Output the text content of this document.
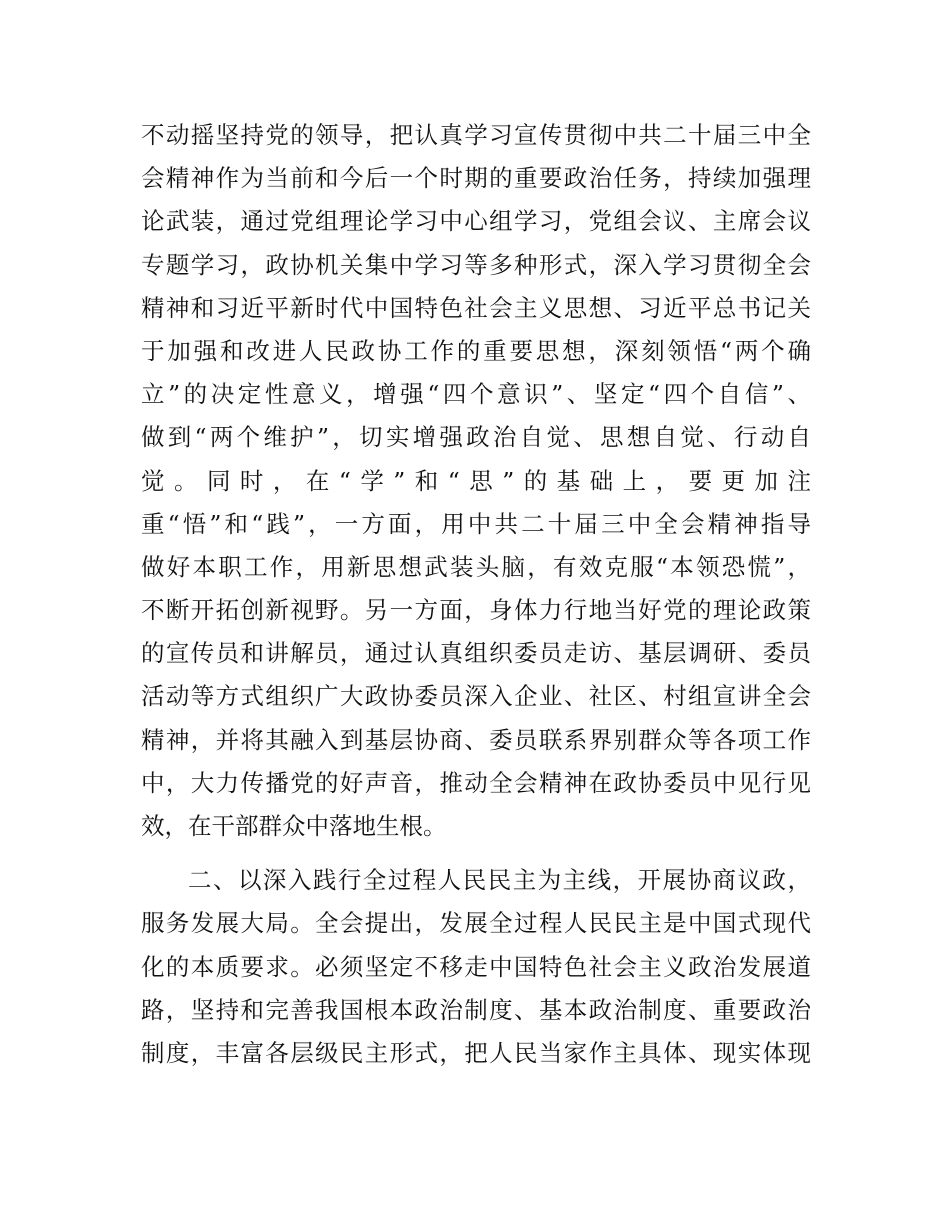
不动摇坚持党的领导，把认真学习宣传贯彻中共二十届三中全
会精神作为当前和今后一个时期的重要政治任务，持续加强理
论武装，通过党组理论学习中心组学习，党组会议、主席会议
专题学习，政协机关集中学习等多种形式，深入学习贯彻全会
精神和习近平新时代中国特色社会主义思想、习近平总书记关
于加强和改进人民政协工作的重要思想，深刻领悟“两个确
立”的决定性意义，增强“四个意识”、坚定“四个自信”、
做到“两个维护”，切实增强政治自觉、思想自觉、行动自
觉。同时，在“学”和“思”的基础上，要更加注
重“悟”和“践”，一方面，用中共二十届三中全会精神指导
做好本职工作，用新思想武装头脑，有效克服“本领恐慌”，
不断开拓创新视野。另一方面，身体力行地当好党的理论政策
的宣传员和讲解员，通过认真组织委员走访、基层调研、委员
活动等方式组织广大政协委员深入企业、社区、村组宣讲全会
精神，并将其融入到基层协商、委员联系界别群众等各项工作
中，大力传播党的好声音，推动全会精神在政协委员中见行见
效，在干部群众中落地生根。
二、以深入践行全过程人民民主为主线，开展协商议政，
服务发展大局。全会提出，发展全过程人民民主是中国式现代
化的本质要求。必须坚定不移走中国特色社会主义政治发展道
路，坚持和完善我国根本政治制度、基本政治制度、重要政治
制度，丰富各层级民主形式，把人民当家作主具体、现实体现
